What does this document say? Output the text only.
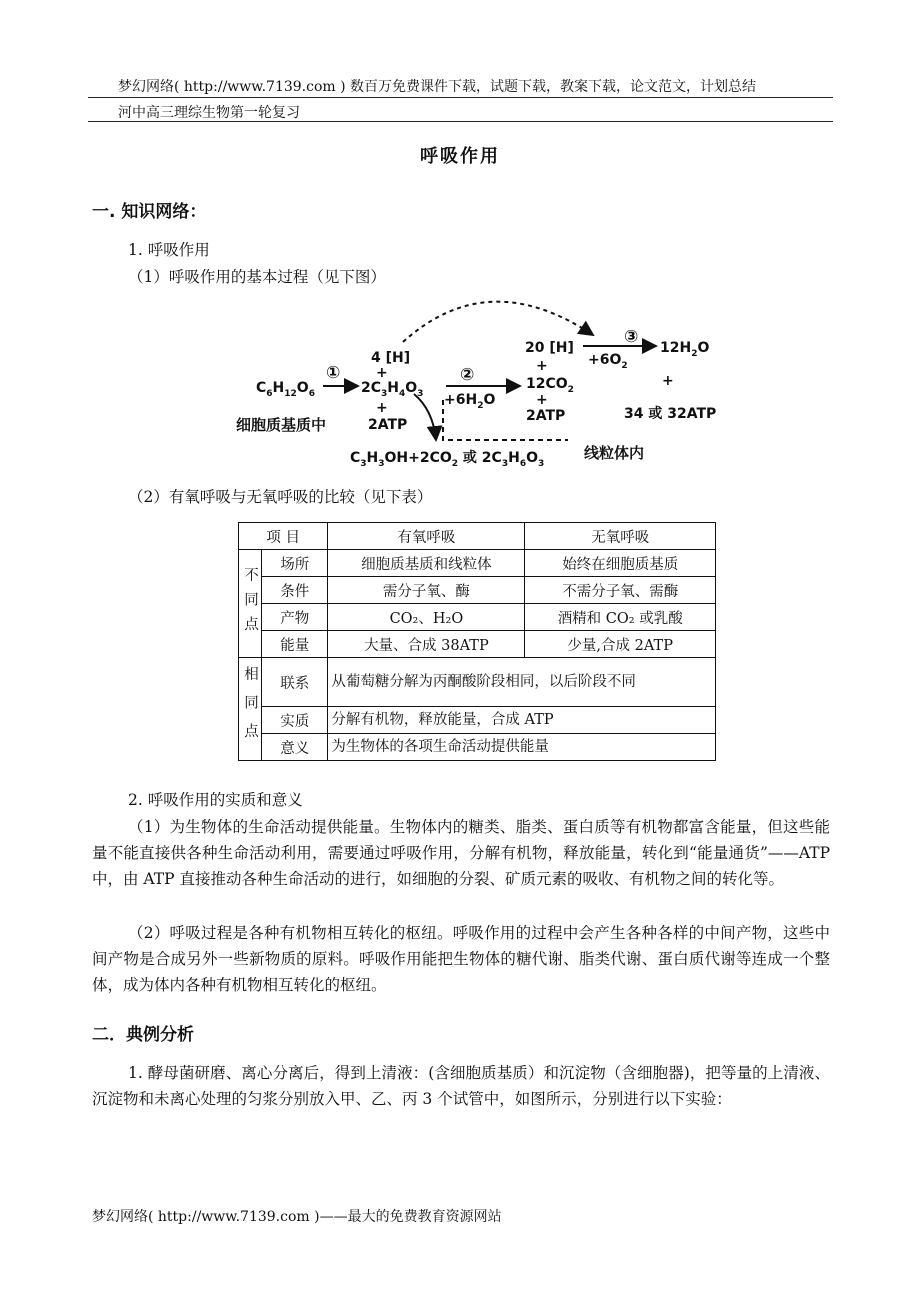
梦幻网络( http://www.7139.com ) 数百万免费课件下载，试题下载，教案下载，论文范文，计划总结
河中高三理综生物第一轮复习
呼吸作用
一. 知识网络：
1. 呼吸作用
（1）呼吸作用的基本过程（见下图）
$C_6H_{12}O_6$
①
4 [H]
+
$2C_3H_4O_3$
+
2ATP
细胞质基质中
$C_3H_3OH+2CO_2$ 或 $2C_3H_6O_3$
②
$+6H_2O$
20 [H]
+
$12CO_2$
+
2ATP
③
$+6O_2$
$12H_2O$
+
34 或 32ATP
线粒体内
（2）有氧呼吸与无氧呼吸的比较（见下表）
项 目		有氧呼吸	无氧呼吸
不同点	场所	细胞质基质和线粒体	始终在细胞质基质
	条件	需分子氧、酶	不需分子氧、需酶
	产物	CO₂、H₂O	酒精和 CO₂ 或乳酸
	能量	大量、合成 38ATP	少量,合成 2ATP
相同点	联系	从葡萄糖分解为丙酮酸阶段相同，以后阶段不同	
	实质	分解有机物，释放能量，合成 ATP	
	意义	为生物体的各项生命活动提供能量	
2. 呼吸作用的实质和意义
（1）为生物体的生命活动提供能量。生物体内的糖类、脂类、蛋白质等有机物都富含能量，但这些能量不能直接供各种生命活动利用，需要通过呼吸作用，分解有机物，释放能量，转化到“能量通货”——ATP 中，由 ATP 直接推动各种生命活动的进行，如细胞的分裂、矿质元素的吸收、有机物之间的转化等。
（2）呼吸过程是各种有机物相互转化的枢纽。呼吸作用的过程中会产生各种各样的中间产物，这些中间产物是合成另外一些新物质的原料。呼吸作用能把生物体的糖代谢、脂类代谢、蛋白质代谢等连成一个整体，成为体内各种有机物相互转化的枢纽。
二．典例分析
1. 酵母菌研磨、离心分离后，得到上清液：(含细胞质基质）和沉淀物（含细胞器)，把等量的上清液、沉淀物和未离心处理的匀浆分别放入甲、乙、丙 3 个试管中，如图所示，分别进行以下实验：
梦幻网络( http://www.7139.com )——最大的免费教育资源网站
